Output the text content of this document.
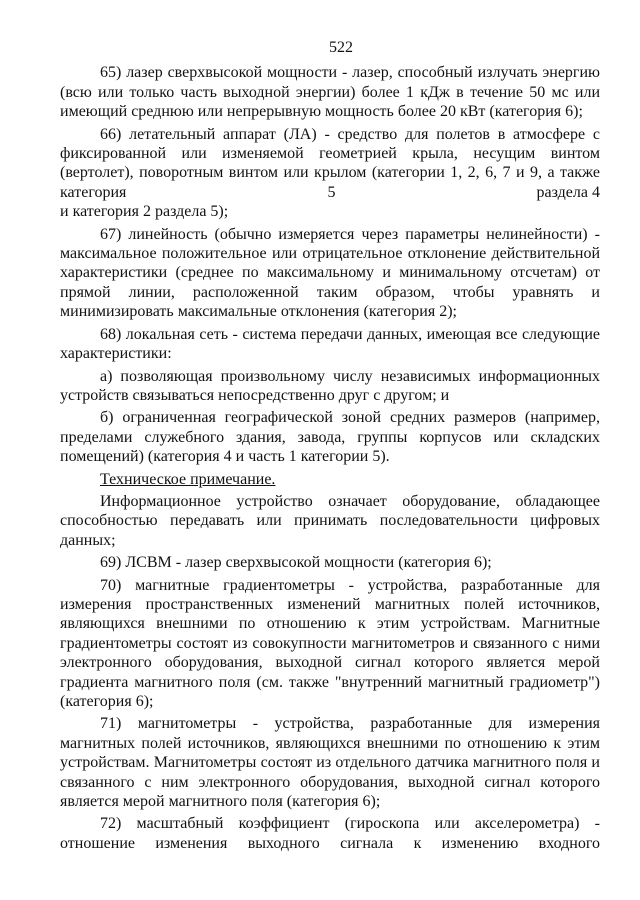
522

65) лазер сверхвысокой мощности - лазер, способный излучать энергию (всю или только часть выходной энергии) более 1 кДж в течение 50 мс или имеющий среднюю или непрерывную мощность более 20 кВт (категория 6);

66) летательный аппарат (ЛА) - средство для полетов в атмосфере с
фиксированной или изменяемой геометрией крыла, несущим винтом
(вертолет), поворотным винтом или крылом (категории 1, 2, 6, 7 и 9, а также
категория	5	раздела 4
и категория 2 раздела 5);

67) линейность (обычно измеряется через параметры нелинейности) - максимальное положительное или отрицательное отклонение действительной характеристики (среднее по максимальному и минимальному отсчетам) от прямой линии, расположенной таким образом, чтобы уравнять и минимизировать максимальные отклонения (категория 2);

68) локальная сеть - система передачи данных, имеющая все следующие характеристики:

а) позволяющая произвольному числу независимых информационных устройств связываться непосредственно друг с другом; и

б) ограниченная географической зоной средних размеров (например, пределами служебного здания, завода, группы корпусов или складских помещений) (категория 4 и часть 1 категории 5).

Техническое примечание.

Информационное устройство означает оборудование, обладающее способностью передавать или принимать последовательности цифровых данных;

69) ЛСВМ - лазер сверхвысокой мощности (категория 6);

70) магнитные градиентометры - устройства, разработанные для измерения пространственных изменений магнитных полей источников, являющихся внешними по отношению к этим устройствам. Магнитные градиентометры состоят из совокупности магнитометров и связанного с ними электронного оборудования, выходной сигнал которого является мерой градиента магнитного поля (см. также "внутренний магнитный градиометр") (категория 6);

71) магнитометры - устройства, разработанные для измерения магнитных полей источников, являющихся внешними по отношению к этим устройствам. Магнитометры состоят из отдельного датчика магнитного поля и связанного с ним электронного оборудования, выходной сигнал которого является мерой магнитного поля (категория 6);

72) масштабный коэффициент (гироскопа или акселерометра) -
отношение изменения выходного сигнала к изменению входного
